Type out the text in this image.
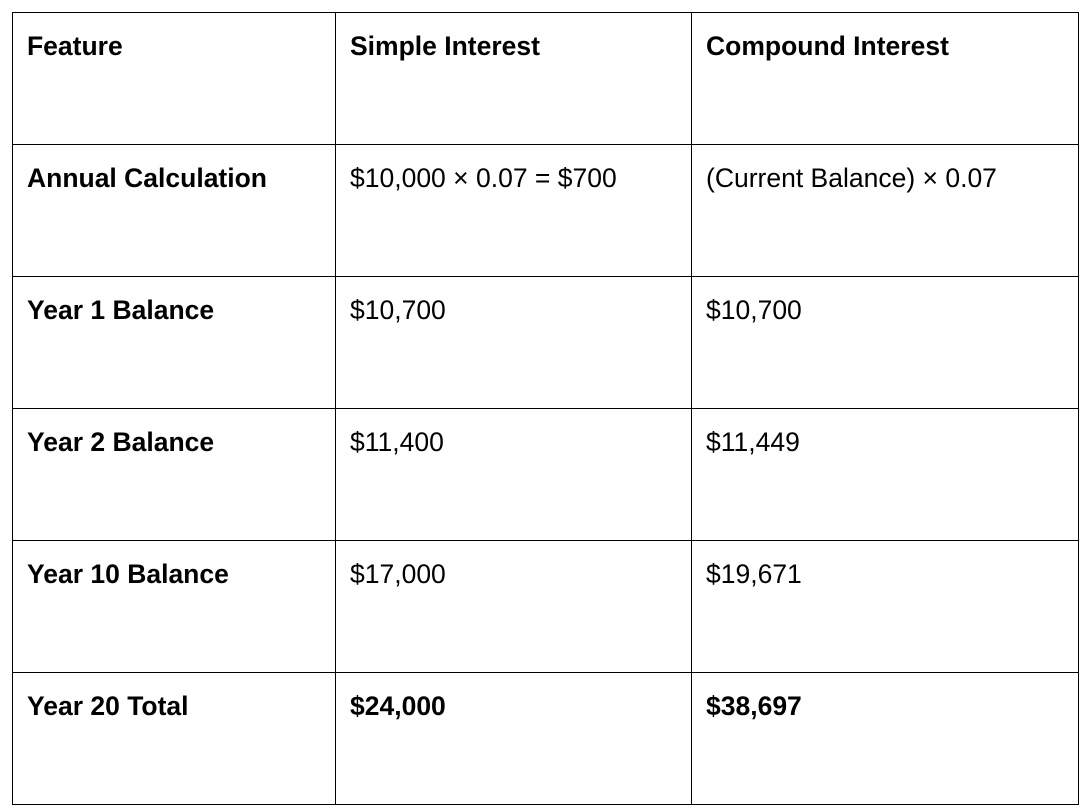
Feature	Simple Interest	Compound Interest

Annual Calculation	$10,000 × 0.07 = $700	(Current Balance) × 0.07

Year 1 Balance	$10,700	$10,700

Year 2 Balance	$11,400	$11,449

Year 10 Balance	$17,000	$19,671

Year 20 Total	$24,000	$38,697
